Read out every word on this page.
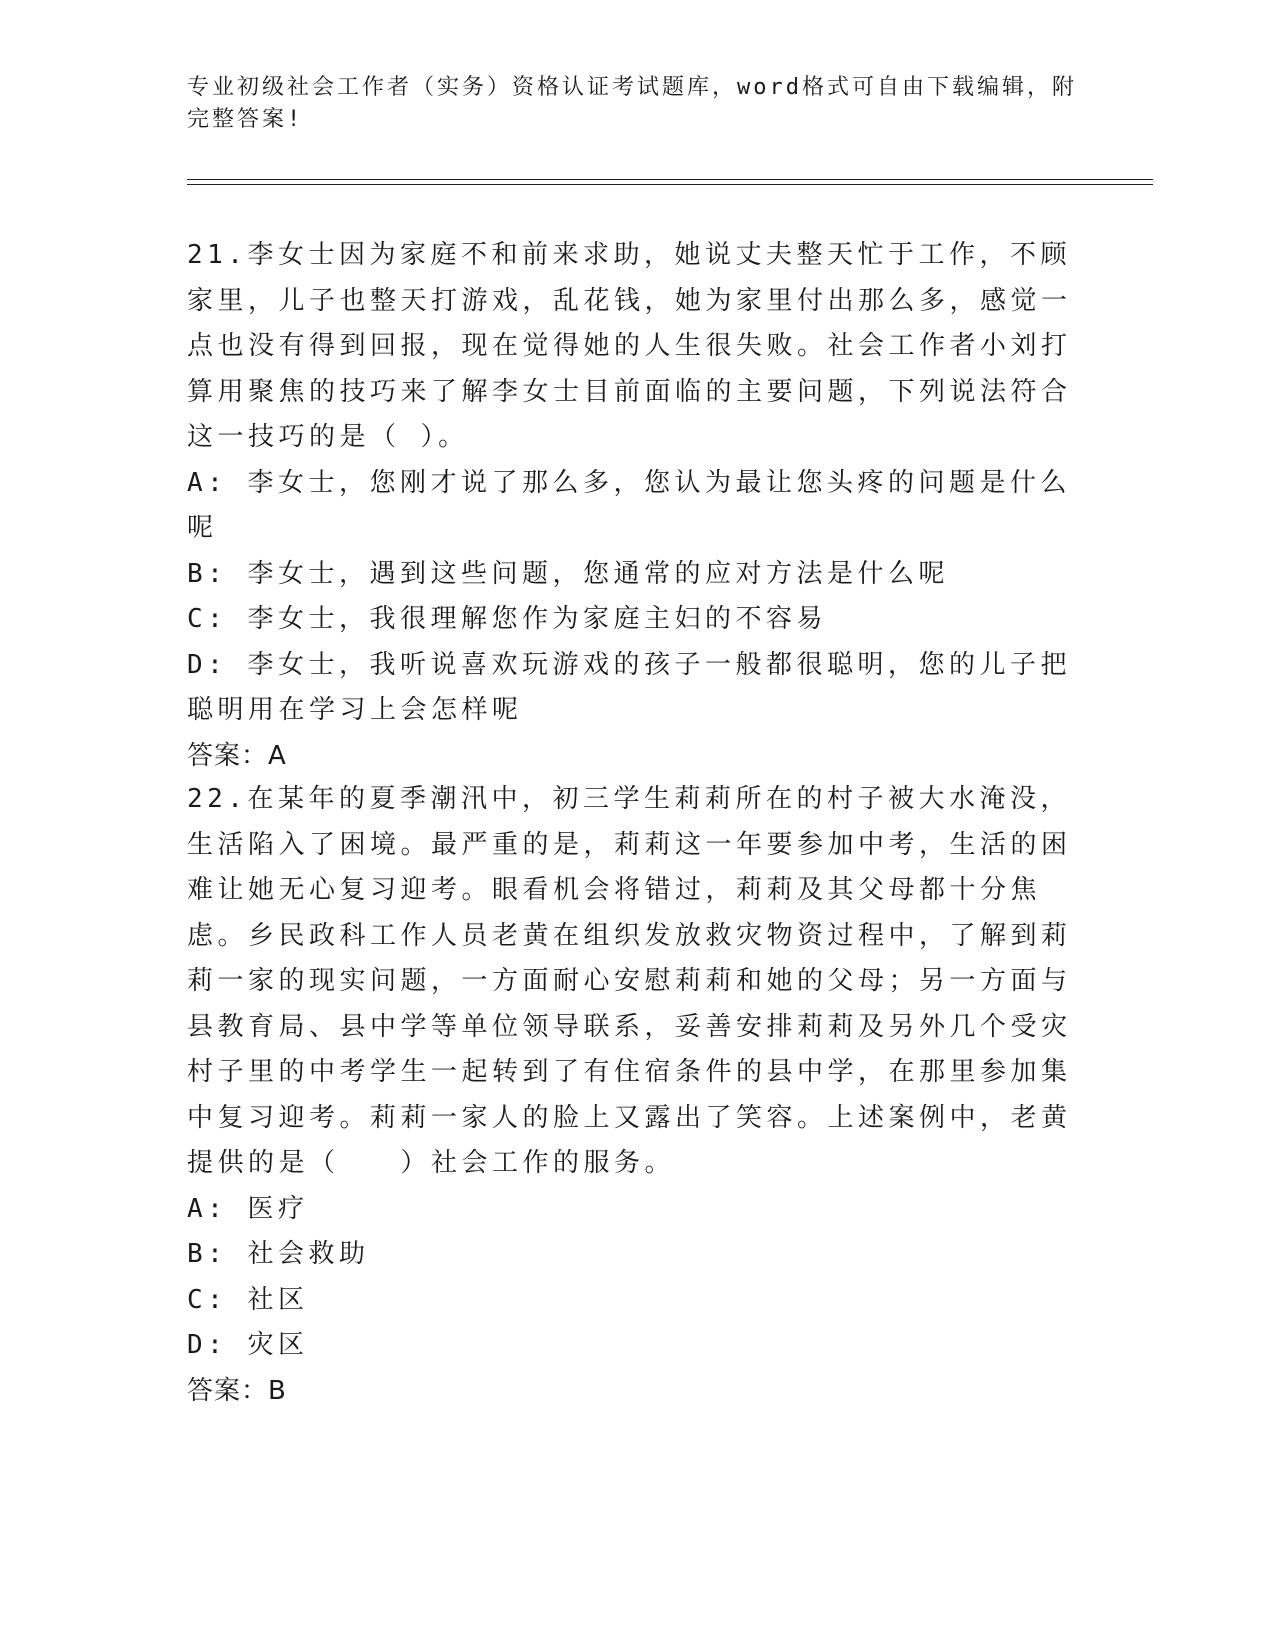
专业初级社会工作者（实务）资格认证考试题库，word格式可自由下载编辑，附完整答案!

21.李女士因为家庭不和前来求助，她说丈夫整天忙于工作，不顾家里，儿子也整天打游戏，乱花钱，她为家里付出那么多，感觉一点也没有得到回报，现在觉得她的人生很失败。社会工作者小刘打算用聚焦的技巧来了解李女士目前面临的主要问题，下列说法符合这一技巧的是（ ）。

A: 李女士，您刚才说了那么多，您认为最让您头疼的问题是什么呢

B: 李女士，遇到这些问题，您通常的应对方法是什么呢

C: 李女士，我很理解您作为家庭主妇的不容易

D: 李女士，我听说喜欢玩游戏的孩子一般都很聪明，您的儿子把聪明用在学习上会怎样呢

答案：A

22.在某年的夏季潮汛中，初三学生莉莉所在的村子被大水淹没，生活陷入了困境。最严重的是，莉莉这一年要参加中考，生活的困难让她无心复习迎考。眼看机会将错过，莉莉及其父母都十分焦虑。乡民政科工作人员老黄在组织发放救灾物资过程中，了解到莉莉一家的现实问题，一方面耐心安慰莉莉和她的父母；另一方面与县教育局、县中学等单位领导联系，妥善安排莉莉及另外几个受灾村子里的中考学生一起转到了有住宿条件的县中学，在那里参加集中复习迎考。莉莉一家人的脸上又露出了笑容。上述案例中，老黄提供的是（　　）社会工作的服务。

A: 医疗

B: 社会救助

C: 社区

D: 灾区

答案：B
